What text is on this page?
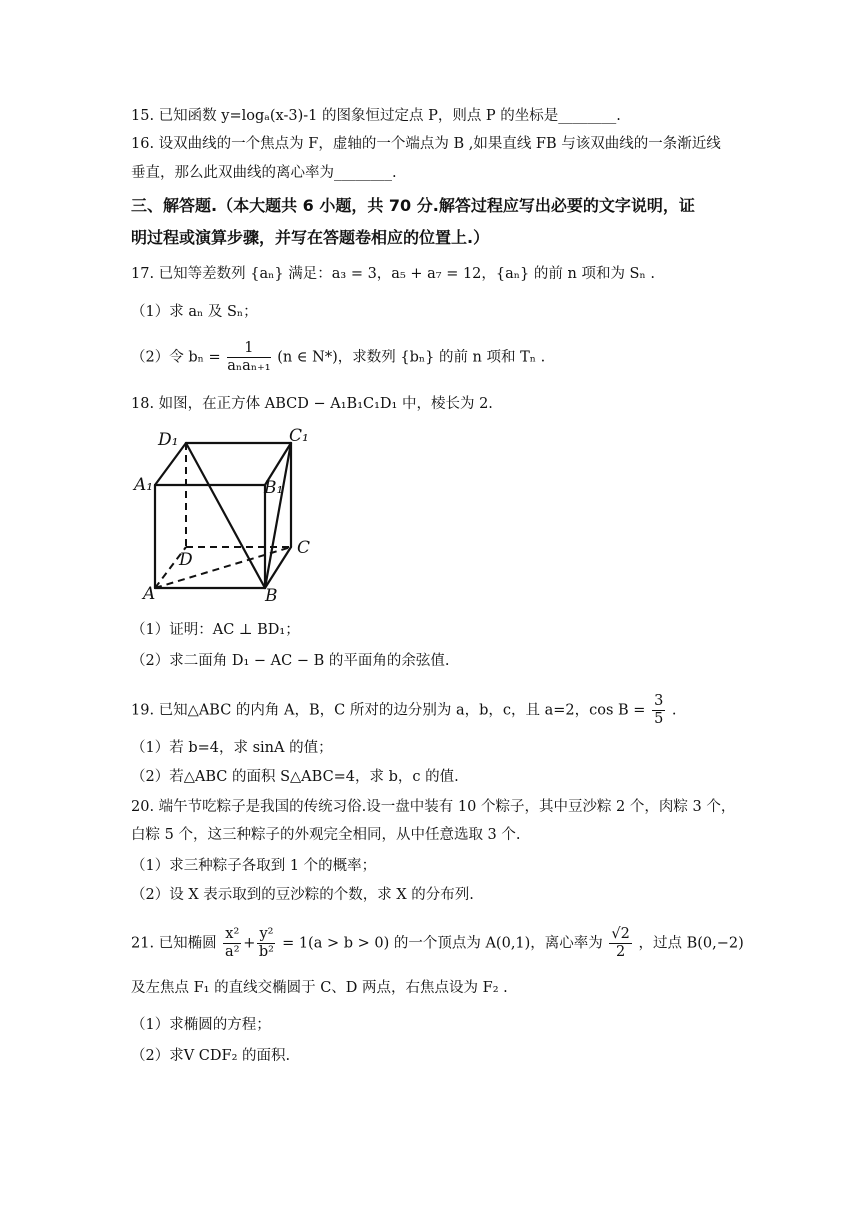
15. 已知函数 y=logₐ(x-3)-1 的图象恒过定点 P，则点 P 的坐标是________.
16. 设双曲线的一个焦点为 F，虚轴的一个端点为 B ,如果直线 FB 与该双曲线的一条渐近线
垂直，那么此双曲线的离心率为________.
三、解答题.（本大题共 6 小题，共 70 分.解答过程应写出必要的文字说明，证
明过程或演算步骤，并写在答题卷相应的位置上.）
17. 已知等差数列 {aₙ} 满足：a₃ = 3，a₅ + a₇ = 12，{aₙ} 的前 n 项和为 Sₙ .
（1）求 aₙ 及 Sₙ；
（2）令 $b_n = \frac{1}{\text{aₙaₙ₊₁}} (n$ ∈ N*)，求数列 {bₙ} 的前 n 项和 Tₙ .
18. 如图，在正方体 ABCD − A₁B₁C₁D₁ 中，棱长为 2.
D₁	C₁
A₁	B₁
C
D
A	B
（1）证明：AC ⊥ BD₁；
（2）求二面角 D₁ − AC − B 的平面角的余弦值.
19. 已知△ABC 的内角 A，B，C 所对的边分别为 a，b，c，且 a=2，$\cos B = \frac{3}{5}$ .
（1）若 b=4，求 sinA 的值；
（2）若△ABC 的面积 S△ABC=4，求 b，c 的值.
20. 端午节吃粽子是我国的传统习俗.设一盘中装有 10 个粽子，其中豆沙粽 2 个，肉粽 3 个，
白粽 5 个，这三种粽子的外观完全相同，从中任意选取 3 个.
（1）求三种粽子各取到 1 个的概率；
（2）设 X 表示取到的豆沙粽的个数，求 X 的分布列.
21. 已知椭圆 $\frac{\text{x²}}{\text{a²}} + \frac{\text{y²}}{\text{b²}} = 1(a > b > 0)$ 的一个顶点为 A(0,1)，离心率为 $\frac{√2}{2}$ ，过点 B(0,−2)
及左焦点 F₁ 的直线交椭圆于 C、D 两点，右焦点设为 F₂ .
（1）求椭圆的方程；
（2）求V CDF₂ 的面积.
